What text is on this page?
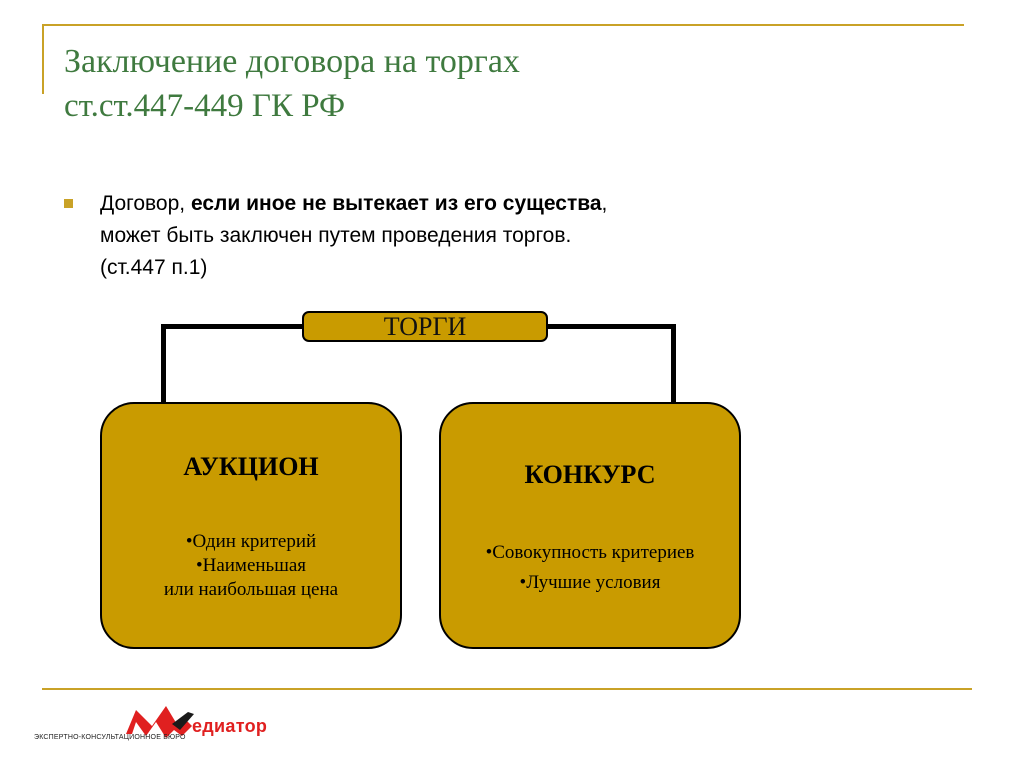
Заключение договора на торгах
ст.ст.447-449 ГК РФ
Договор, если иное не вытекает из его существа,
может быть заключен путем проведения торгов.
(ст.447 п.1)
ТОРГИ
АУКЦИОН
•Один критерий
•Наименьшая
или наибольшая цена
КОНКУРС
•Совокупность критериев
•Лучшие условия
едиатор
ЭКСПЕРТНО-КОНСУЛЬТАЦИОННОЕ БЮРО
